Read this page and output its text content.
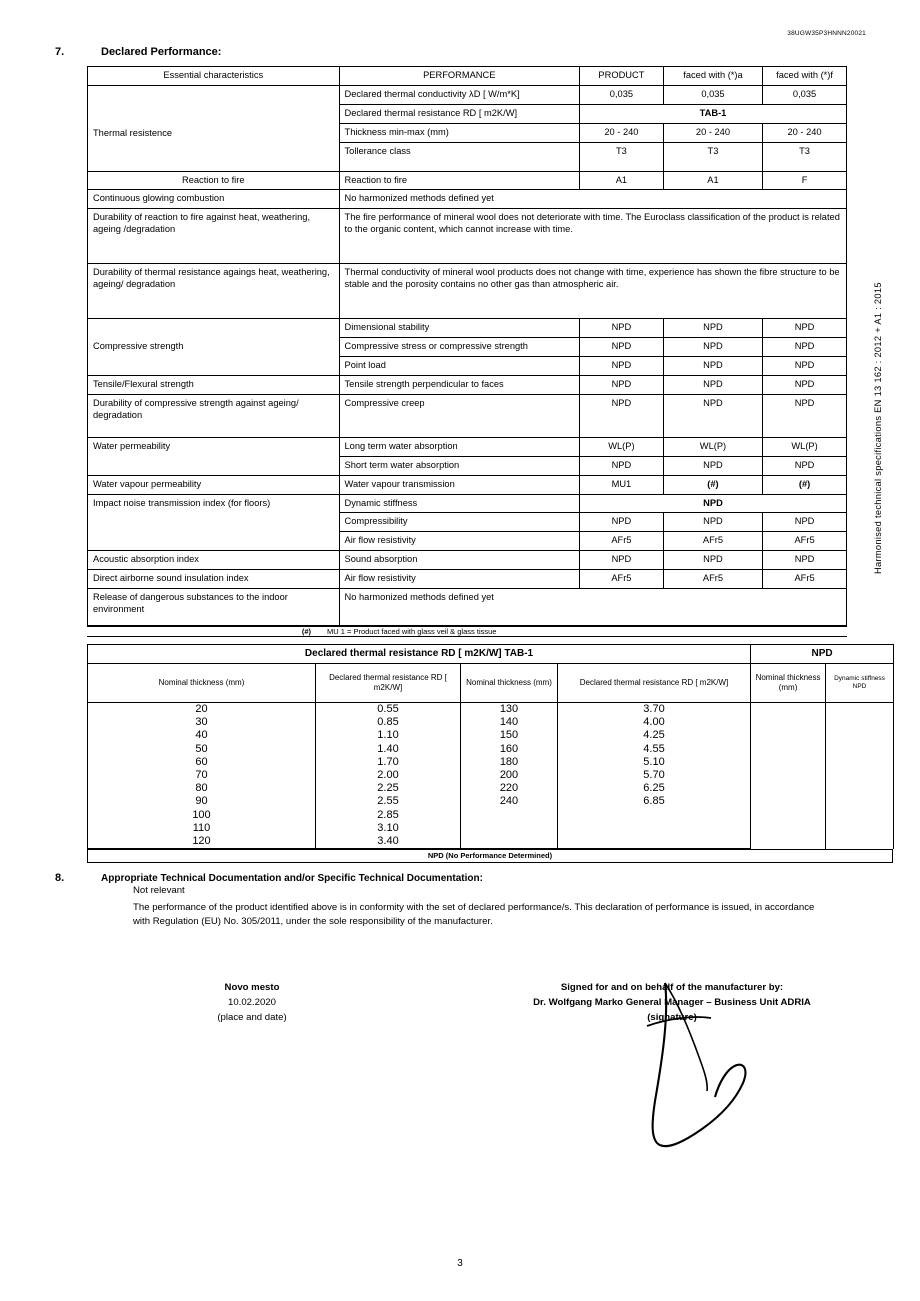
38UGW35P3HNNN20021
7.	Declared Performance:
Harmonised technical specifications EN 13 162 : 2012 + A1 : 2015
Essential characteristics	PERFORMANCE	PRODUCT	faced with (*)a	faced with (*)f
Thermal resistence	Declared thermal conductivity λD [ W/m*K]	0,035	0,035	0,035
	Declared thermal resistance RD [ m2K/W]	TAB-1		
	Thickness min-max (mm)	20 - 240	20 - 240	20 - 240
	Tollerance class	T3	T3	T3
Reaction to fire	Reaction to fire	A1	A1	F
Continuous glowing combustion	No harmonized methods defined yet			
Durability of reaction to fire against heat, weathering, ageing /degradation	The fire performance of mineral wool does not deteriorate with time. The Euroclass classification of the product is related to the organic content, which cannot increase with time.			
Durability of thermal resistance agaings heat, weathering, ageing/ degradation	Thermal conductivity of mineral wool products does not change with time, experience has shown the fibre structure to be stable and the porosity contains no other gas than atmospheric air.			
Compressive strength	Dimensional stability	NPD	NPD	NPD
	Compressive stress or compressive strength	NPD	NPD	NPD
	Point load	NPD	NPD	NPD
Tensile/Flexural strength	Tensile strength perpendicular to faces	NPD	NPD	NPD
Durability of compressive strength against ageing/ degradation	Compressive creep	NPD	NPD	NPD
Water permeability	Long term water absorption	WL(P)	WL(P)	WL(P)
	Short term water absorption	NPD	NPD	NPD
Water vapour permeability	Water vapour transmission	MU1	(#)	(#)
Impact noise transmission index (for floors)	Dynamic stiffness	NPD		
	Compressibility	NPD	NPD	NPD
	Air flow resistivity	AFr5	AFr5	AFr5
Acoustic absorption index	Sound absorption	NPD	NPD	NPD
Direct airborne sound insulation index	Air flow resistivity	AFr5	AFr5	AFr5
Release of dangerous substances to the indoor environment	No harmonized methods defined yet			
(#)	MU 1 = Product faced with glass veil & glass tissue
Declared thermal resistance RD [ m2K/W] TAB-1				NPD	
Nominal thickness (mm)	Declared thermal resistance RD [ m2K/W]	Nominal thickness (mm)	Declared thermal resistance RD [ m2K/W]	Nominal thickness (mm)	Dynamic stiffness NPD
20	0.55	130	3.70		
30	0.85	140	4.00		
40	1.10	150	4.25		
50	1.40	160	4.55		
60	1.70	180	5.10		
70	2.00	200	5.70		
80	2.25	220	6.25		
90	2.55	240	6.85		
100	2.85				
110	3.10				
120	3.40				
NPD (No Performance Determined)
8.	Appropriate Technical Documentation and/or Specific Technical Documentation:
Not relevant
The performance of the product identified above is in conformity with the set of declared performance/s. This declaration of performance is issued, in accordance with Regulation (EU) No. 305/2011, under the sole responsibility of the manufacturer.
Novo mesto
10.02.2020
(place and date)
Signed for and on behalf of the manufacturer by:
Dr. Wolfgang Marko General Manager – Business Unit ADRIA
(signature)
3
